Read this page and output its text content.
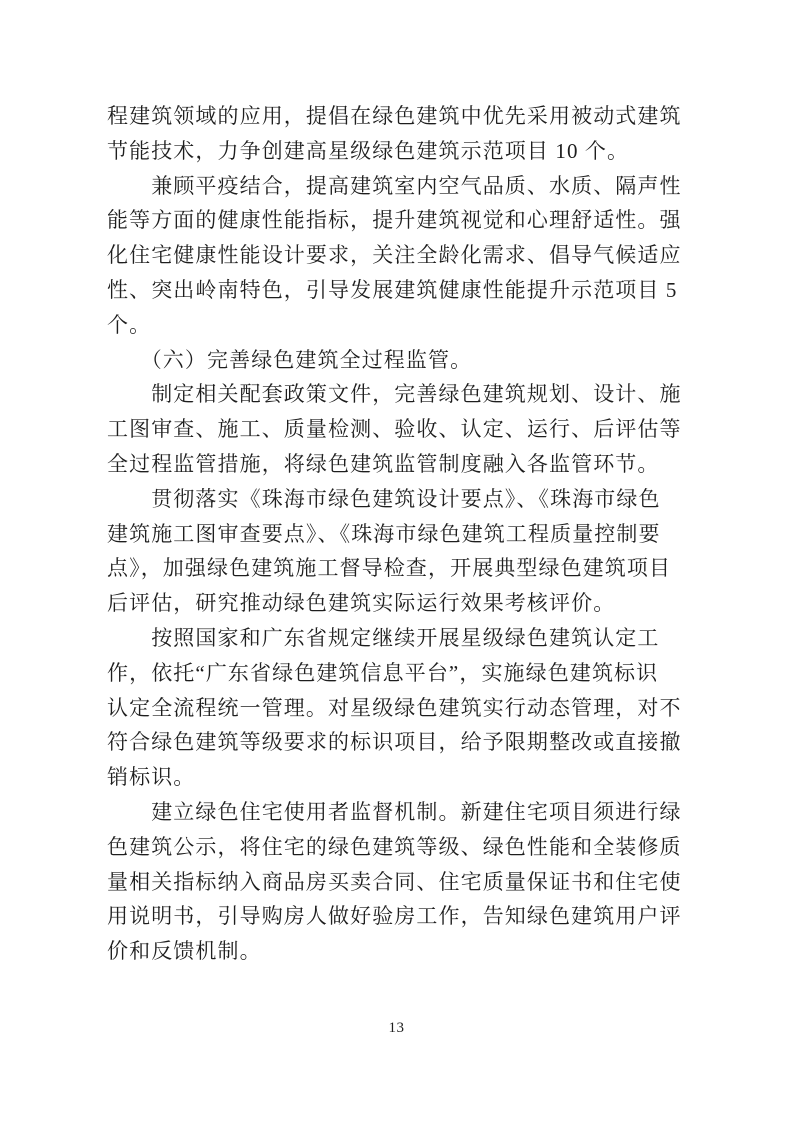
程建筑领域的应用，提倡在绿色建筑中优先采用被动式建筑
节能技术，力争创建高星级绿色建筑示范项目 10 个。
　　兼顾平疫结合，提高建筑室内空气品质、水质、隔声性
能等方面的健康性能指标，提升建筑视觉和心理舒适性。强
化住宅健康性能设计要求，关注全龄化需求、倡导气候适应
性、突出岭南特色，引导发展建筑健康性能提升示范项目 5
个。
　　（六）完善绿色建筑全过程监管。
　　制定相关配套政策文件，完善绿色建筑规划、设计、施
工图审查、施工、质量检测、验收、认定、运行、后评估等
全过程监管措施，将绿色建筑监管制度融入各监管环节。
　　贯彻落实《珠海市绿色建筑设计要点》、《珠海市绿色
建筑施工图审查要点》、《珠海市绿色建筑工程质量控制要
点》，加强绿色建筑施工督导检查，开展典型绿色建筑项目
后评估，研究推动绿色建筑实际运行效果考核评价。
　　按照国家和广东省规定继续开展星级绿色建筑认定工
作，依托“广东省绿色建筑信息平台”，实施绿色建筑标识
认定全流程统一管理。对星级绿色建筑实行动态管理，对不
符合绿色建筑等级要求的标识项目，给予限期整改或直接撤
销标识。
　　建立绿色住宅使用者监督机制。新建住宅项目须进行绿
色建筑公示，将住宅的绿色建筑等级、绿色性能和全装修质
量相关指标纳入商品房买卖合同、住宅质量保证书和住宅使
用说明书，引导购房人做好验房工作，告知绿色建筑用户评
价和反馈机制。
13
